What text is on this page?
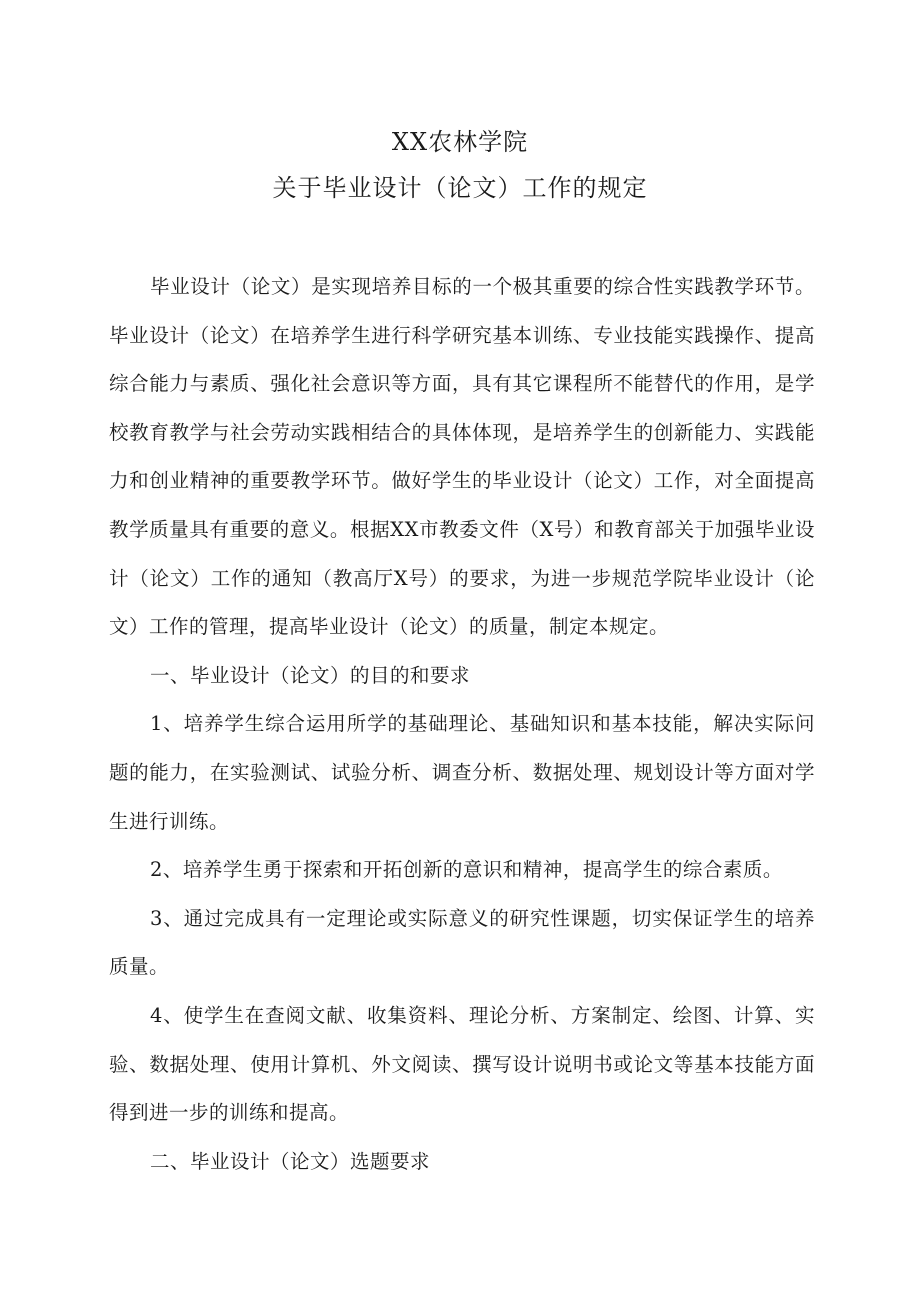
XX农林学院
关于毕业设计（论文）工作的规定

毕业设计（论文）是实现培养目标的一个极其重要的综合性实践教学环节。毕业设计（论文）在培养学生进行科学研究基本训练、专业技能实践操作、提高综合能力与素质、强化社会意识等方面，具有其它课程所不能替代的作用，是学校教育教学与社会劳动实践相结合的具体体现，是培养学生的创新能力、实践能力和创业精神的重要教学环节。做好学生的毕业设计（论文）工作，对全面提高教学质量具有重要的意义。根据XX市教委文件（X号）和教育部关于加强毕业设计（论文）工作的通知（教高厅X号）的要求，为进一步规范学院毕业设计（论文）工作的管理，提高毕业设计（论文）的质量，制定本规定。

一、毕业设计（论文）的目的和要求

1、培养学生综合运用所学的基础理论、基础知识和基本技能，解决实际问题的能力，在实验测试、试验分析、调查分析、数据处理、规划设计等方面对学生进行训练。

2、培养学生勇于探索和开拓创新的意识和精神，提高学生的综合素质。

3、通过完成具有一定理论或实际意义的研究性课题，切实保证学生的培养质量。

4、使学生在查阅文献、收集资料、理论分析、方案制定、绘图、计算、实验、数据处理、使用计算机、外文阅读、撰写设计说明书或论文等基本技能方面得到进一步的训练和提高。

二、毕业设计（论文）选题要求
